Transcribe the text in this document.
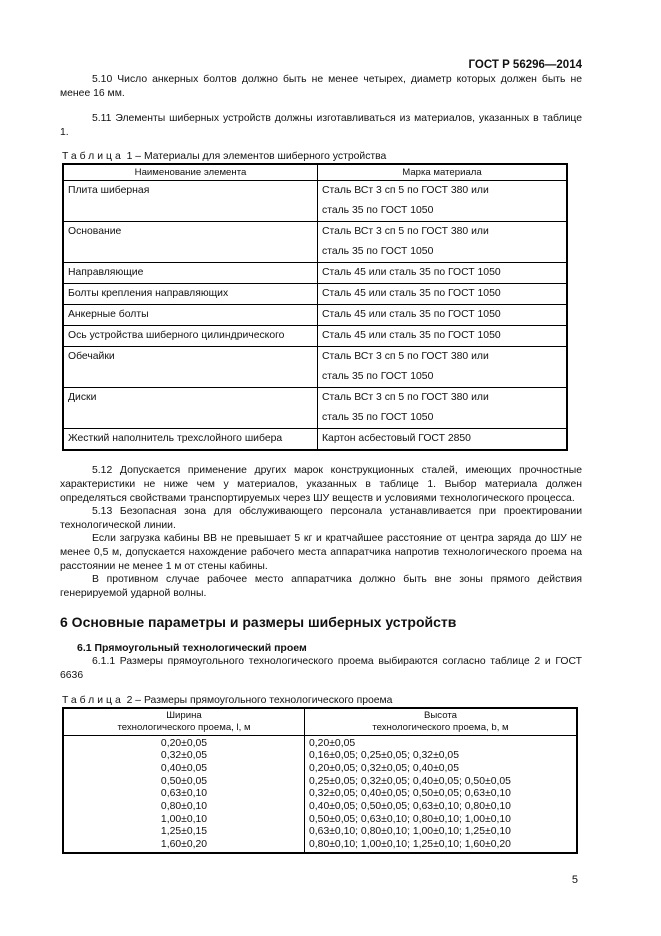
ГОСТ Р 56296—2014
5.10 Число анкерных болтов должно быть не менее четырех, диаметр которых должен быть не менее 16 мм.
5.11 Элементы шиберных устройств должны изготавливаться из материалов, указанных в таблице 1.
Таблица 1 – Материалы для элементов шиберного устройства
Наименование элемента	Марка материала
Плита шиберная	Сталь ВСт 3 сп 5 по ГОСТ 380 или
сталь 35 по ГОСТ 1050

Основание	Сталь ВСт 3 сп 5 по ГОСТ 380 или
сталь 35 по ГОСТ 1050

Направляющие	Сталь 45 или сталь 35 по ГОСТ 1050

Болты крепления направляющих	Сталь 45 или сталь 35 по ГОСТ 1050

Анкерные болты	Сталь 45 или сталь 35 по ГОСТ 1050

Ось устройства шиберного цилиндрического	Сталь 45 или сталь 35 по ГОСТ 1050

Обечайки	Сталь ВСт 3 сп 5 по ГОСТ 380 или
сталь 35 по ГОСТ 1050

Диски	Сталь ВСт 3 сп 5 по ГОСТ 380 или
сталь 35 по ГОСТ 1050

Жесткий наполнитель трехслойного шибера	Картон асбестовый ГОСТ 2850
5.12 Допускается применение других марок конструкционных сталей, имеющих прочностные характеристики не ниже чем у материалов, указанных в таблице 1. Выбор материала должен определяться свойствами транспортируемых через ШУ веществ и условиями технологического процесса.
5.13 Безопасная зона для обслуживающего персонала устанавливается при проектировании технологической линии.
Если загрузка кабины ВВ не превышает 5 кг и кратчайшее расстояние от центра заряда до ШУ не менее 0,5 м, допускается нахождение рабочего места аппаратчика напротив технологического проема на расстоянии не менее 1 м от стены кабины.
В противном случае рабочее место аппаратчика должно быть вне зоны прямого действия генерируемой ударной волны.
6 Основные параметры и размеры шиберных устройств
6.1 Прямоугольный технологический проем
6.1.1 Размеры прямоугольного технологического проема выбираются согласно таблице 2 и ГОСТ 6636
Таблица 2 – Размеры прямоугольного технологического проема
Ширина
технологического проема, l, м	Высота
технологического проема, b, м
0,20±0,05	0,20±0,05
0,32±0,05	0,16±0,05; 0,25±0,05; 0,32±0,05
0,40±0,05	0,20±0,05; 0,32±0,05; 0,40±0,05
0,50±0,05	0,25±0,05; 0,32±0,05; 0,40±0,05; 0,50±0,05
0,63±0,10	0,32±0,05; 0,40±0,05; 0,50±0,05; 0,63±0,10
0,80±0,10	0,40±0,05; 0,50±0,05; 0,63±0,10; 0,80±0,10
1,00±0,10	0,50±0,05; 0,63±0,10; 0,80±0,10; 1,00±0,10
1,25±0,15	0,63±0,10; 0,80±0,10; 1,00±0,10; 1,25±0,10
1,60±0,20	0,80±0,10; 1,00±0,10; 1,25±0,10; 1,60±0,20
5
